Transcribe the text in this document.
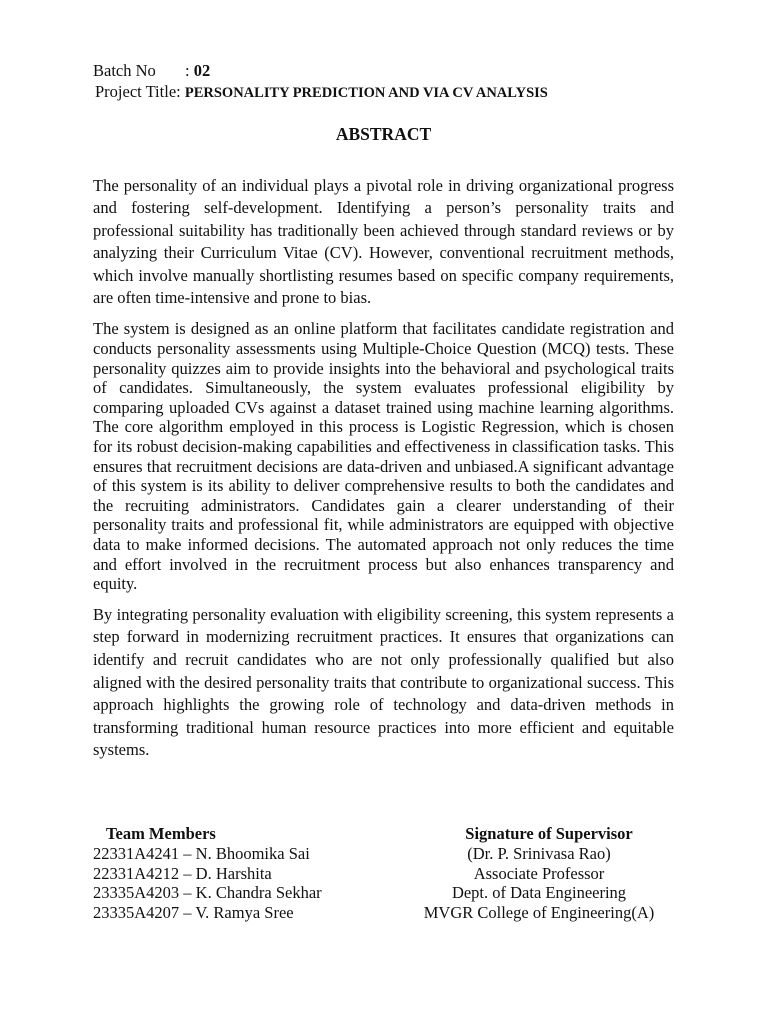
Batch No : 02
Project Title: PERSONALITY PREDICTION AND VIA CV ANALYSIS
ABSTRACT

The personality of an individual plays a pivotal role in driving organizational progress and fostering self-development. Identifying a person’s personality traits and professional suitability has traditionally been achieved through standard reviews or by analyzing their Curriculum Vitae (CV). However, conventional recruitment methods, which involve manually shortlisting resumes based on specific company requirements, are often time-intensive and prone to bias.

The system is designed as an online platform that facilitates candidate registration and conducts personality assessments using Multiple-Choice Question (MCQ) tests. These personality quizzes aim to provide insights into the behavioral and psychological traits of candidates. Simultaneously, the system evaluates professional eligibility by comparing uploaded CVs against a dataset trained using machine learning algorithms. The core algorithm employed in this process is Logistic Regression, which is chosen for its robust decision-making capabilities and effectiveness in classification tasks. This ensures that recruitment decisions are data-driven and unbiased.A significant advantage of this system is its ability to deliver comprehensive results to both the candidates and the recruiting administrators. Candidates gain a clearer understanding of their personality traits and professional fit, while administrators are equipped with objective data to make informed decisions. The automated approach not only reduces the time and effort involved in the recruitment process but also enhances transparency and equity.

By integrating personality evaluation with eligibility screening, this system represents a step forward in modernizing recruitment practices. It ensures that organizations can identify and recruit candidates who are not only professionally qualified but also aligned with the desired personality traits that contribute to organizational success. This approach highlights the growing role of technology and data-driven methods in transforming traditional human resource practices into more efficient and equitable systems.

Team Members
22331A4241 – N. Bhoomika Sai
22331A4212 – D. Harshita
23335A4203 – K. Chandra Sekhar
23335A4207 – V. Ramya Sree
Signature of Supervisor
(Dr. P. Srinivasa Rao)
Associate Professor
Dept. of Data Engineering
MVGR College of Engineering(A)
